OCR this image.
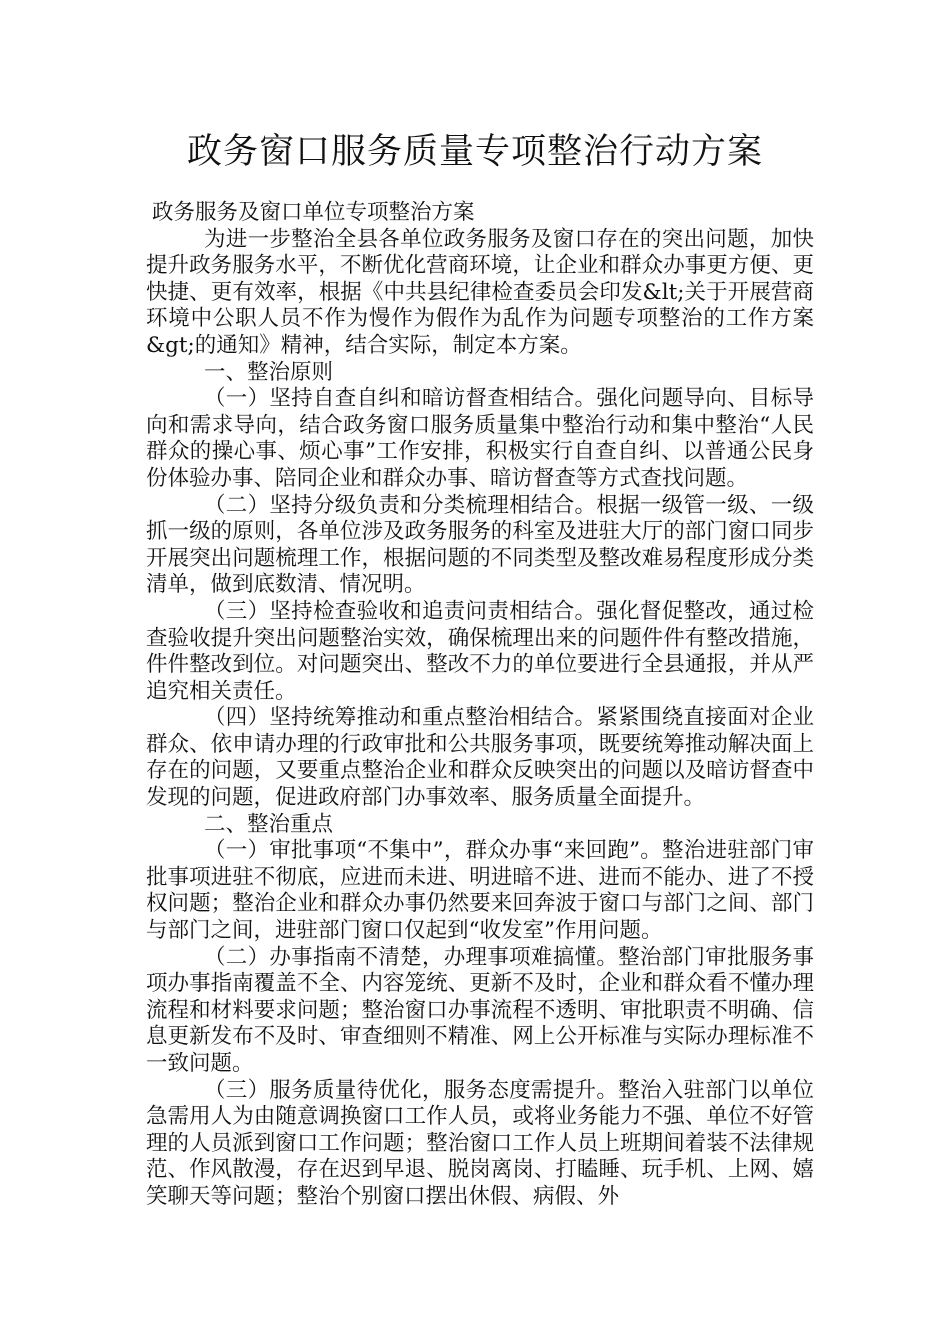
政务窗口服务质量专项整治行动方案

政务服务及窗口单位专项整治方案

为进一步整治全县各单位政务服务及窗口存在的突出问题，加快提升政务服务水平，不断优化营商环境，让企业和群众办事更方便、更快捷、更有效率，根据《中共县纪律检查委员会印发&lt;关于开展营商环境中公职人员不作为慢作为假作为乱作为问题专项整治的工作方案&gt;的通知》精神，结合实际，制定本方案。

一、整治原则

（一）坚持自查自纠和暗访督查相结合。强化问题导向、目标导向和需求导向，结合政务窗口服务质量集中整治行动和集中整治“人民群众的操心事、烦心事”工作安排，积极实行自查自纠、以普通公民身份体验办事、陪同企业和群众办事、暗访督查等方式查找问题。

（二）坚持分级负责和分类梳理相结合。根据一级管一级、一级抓一级的原则，各单位涉及政务服务的科室及进驻大厅的部门窗口同步开展突出问题梳理工作，根据问题的不同类型及整改难易程度形成分类清单，做到底数清、情况明。

（三）坚持检查验收和追责问责相结合。强化督促整改，通过检查验收提升突出问题整治实效，确保梳理出来的问题件件有整改措施，件件整改到位。对问题突出、整改不力的单位要进行全县通报，并从严追究相关责任。

（四）坚持统筹推动和重点整治相结合。紧紧围绕直接面对企业群众、依申请办理的行政审批和公共服务事项，既要统筹推动解决面上存在的问题，又要重点整治企业和群众反映突出的问题以及暗访督查中发现的问题，促进政府部门办事效率、服务质量全面提升。

二、整治重点

（一）审批事项“不集中”，群众办事“来回跑”。整治进驻部门审批事项进驻不彻底，应进而未进、明进暗不进、进而不能办、进了不授权问题；整治企业和群众办事仍然要来回奔波于窗口与部门之间、部门与部门之间，进驻部门窗口仅起到“收发室”作用问题。

（二）办事指南不清楚，办理事项难搞懂。整治部门审批服务事项办事指南覆盖不全、内容笼统、更新不及时，企业和群众看不懂办理流程和材料要求问题；整治窗口办事流程不透明、审批职责不明确、信息更新发布不及时、审查细则不精准、网上公开标准与实际办理标准不一致问题。

（三）服务质量待优化，服务态度需提升。整治入驻部门以单位急需用人为由随意调换窗口工作人员，或将业务能力不强、单位不好管理的人员派到窗口工作问题；整治窗口工作人员上班期间着装不法律规范、作风散漫，存在迟到早退、脱岗离岗、打瞌睡、玩手机、上网、嬉笑聊天等问题；整治个别窗口摆出休假、病假、外
